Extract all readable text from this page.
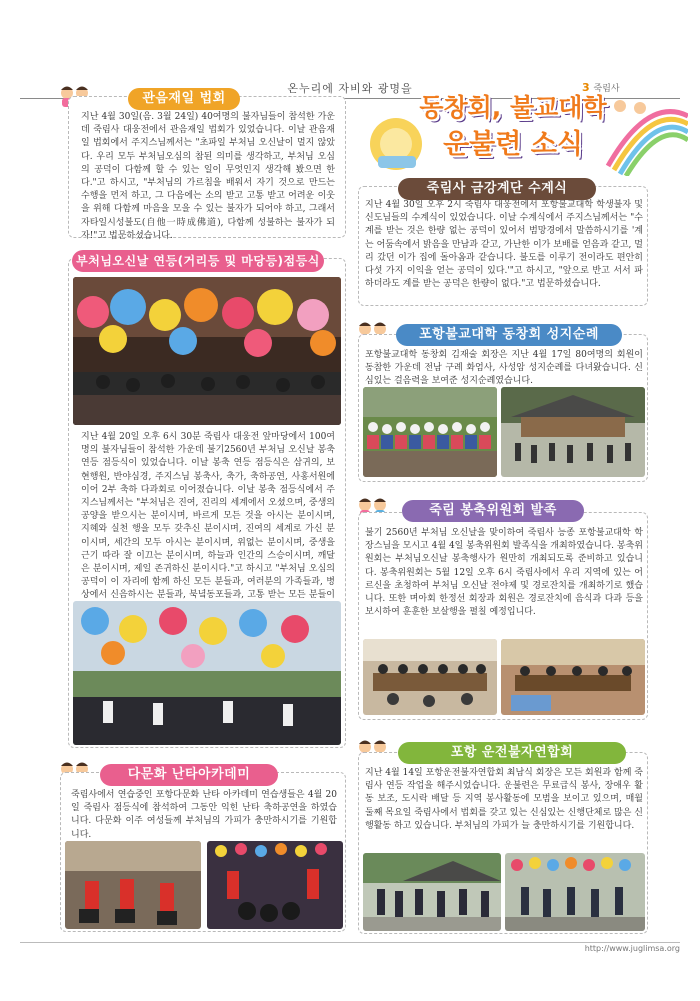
온누리에 자비와 광명을	3 죽림사
지난 4월 30일(음. 3월 24일) 40여명의 불자님들이 참석한 가운데 죽림사 대웅전에서 관음재일 법회가 있었습니다. 이날 관음재일 법회에서 주지스님께서는 "초파일 부처님 오신날이 멀지 않았다. 우리 모두 부처님오심의 참된 의미를 생각하고, 부처님 오심의 공덕이 다함께 할 수 있는 일이 무엇인지 생각해 봤으면 한다."고 하시고, "부처님의 가르침을 배워서 자기 것으로 만드는 수행을 먼저 하고, 그 다음에는 소의 받고 고통 받고 어려운 이웃을 위해 다함께 마음을 모을 수 있는 불자가 되어야 하고, 그래서 자타일시성불도(自他一時成佛道), 다함께 성불하는 불자가 되자!"고 법문하셨습니다.
관음재일 법회
지난 4월 20일 오후 6시 30분 죽림사 대웅전 앞마당에서 100여명의 불자님들이 참석한 가운데 불기2560년 부처님 오신날 봉축 연등 점등식이 있었습니다. 이날 봉축 연등 점등식은 삼귀의, 보현행원, 반야심경, 주지스님 봉축사, 축가, 축하공연, 사홍서원에 이어 2부 축하 다과회로 이어졌습니다. 이날 봉축 점등식에서 주지스님께서는 "부처님은 진여, 진리의 세계에서 오셨으며, 중생의 공양을 받으시는 분이시며, 바르게 모든 것을 아시는 분이시며, 지혜와 실천 행을 모두 갖추신 분이시며, 진여의 세계로 가신 분이시며, 세간의 모두 아시는 분이시며, 위없는 분이시며, 중생을 근기 따라 잘 이끄는 분이시며, 하늘과 인간의 스승이시며, 깨달은 분이시며, 제일 존귀하신 분이시다."고 하시고 "부처님 오심의 공덕이 이 자리에 함께 하신 모든 분들과, 여러분의 가족들과, 병상에서 신음하시는 분들과, 북녘동포들과, 고통 받는 모든 분들이
부처님오신날 연등(거리등 및 마당등)점등식
죽림사에서 연습중인 포항다문화 난타 아카데미 연습생들은 4월 20일 죽림사 점등식에 참석하여 그동안 익힌 난타 축하공연을 하였습니다. 다문화 이주 여성들께 부처님의 가피가 충만하시기를 기원합니다.
다문화 난타아카데미
동창회, 불교대학
운불련 소식
지난 4월 30일 오후 2시 죽림사 대웅전에서 포항불교대학 학생불자 및 신도님들의 수계식이 있었습니다. 이날 수계식에서 주지스님께서는 "수계를 받는 것은 한량 없는 공덕이 있어서 범망경에서 말씀하시기를 '계는 어둠속에서 밝음을 만남과 같고, 가난한 이가 보배를 얻음과 같고, 멀리 갔던 이가 집에 돌아옴과 같습니다. 불도를 이루기 전이라도 편안히 다섯 가지 이익을 얻는 공덕이 있다.'"고 하시고, "앞으로 반고 서서 파하더라도 계를 받는 공덕은 한량이 없다."고 법문하셨습니다.
죽림사 금강계단 수계식
포항불교대학 동창회 김재술 회장은 지난 4월 17일 80여명의 회원이 동참한 가운데 전남 구례 화엄사, 사성암 성지순례를 다녀왔습니다. 신심있는 걸음력을 보여준 성지순례였습니다.
포항불교대학 동창회 성지순례
불기 2560년 부처님 오신날을 맞이하여 죽림사 능종 포항불교대학 학장스님을 모시고 4월 4일 봉축위원회 발족식을 개최하였습니다. 봉축위원회는 부처님오신날 봉축행사가 원만히 개최되도록 준비하고 있습니다. 봉축위원회는 5월 12일 오후 6시 죽림사에서 우리 지역에 있는 어르신을 초청하여 부처님 오신날 전야제 및 경로잔치를 개최하기로 했습니다. 또한 며아회 한정선 회장과 회원은 경로잔치에 음식과 다과 등을 보시하여 훈훈한 보살행을 펼칠 예정입니다.
죽림 봉축위원회 발족
지난 4월 14일 포항운전불자연합회 최남식 회장은 모든 회원과 함께 죽림사 연등 작업을 해주시었습니다. 운불련은 무료급식 봉사, 장애우 활동 보조, 도시락 배달 등 지역 봉사활동에 모범을 보이고 있으며, 매월 둘째 목요일 죽림사에서 법회를 갖고 있는 신심있는 신행단체로 많은 신행활동 하고 있습니다. 부처님의 가피가 늘 충만하시기를 기원합니다.
포항 운전불자연합회
http://www.juglimsa.org
